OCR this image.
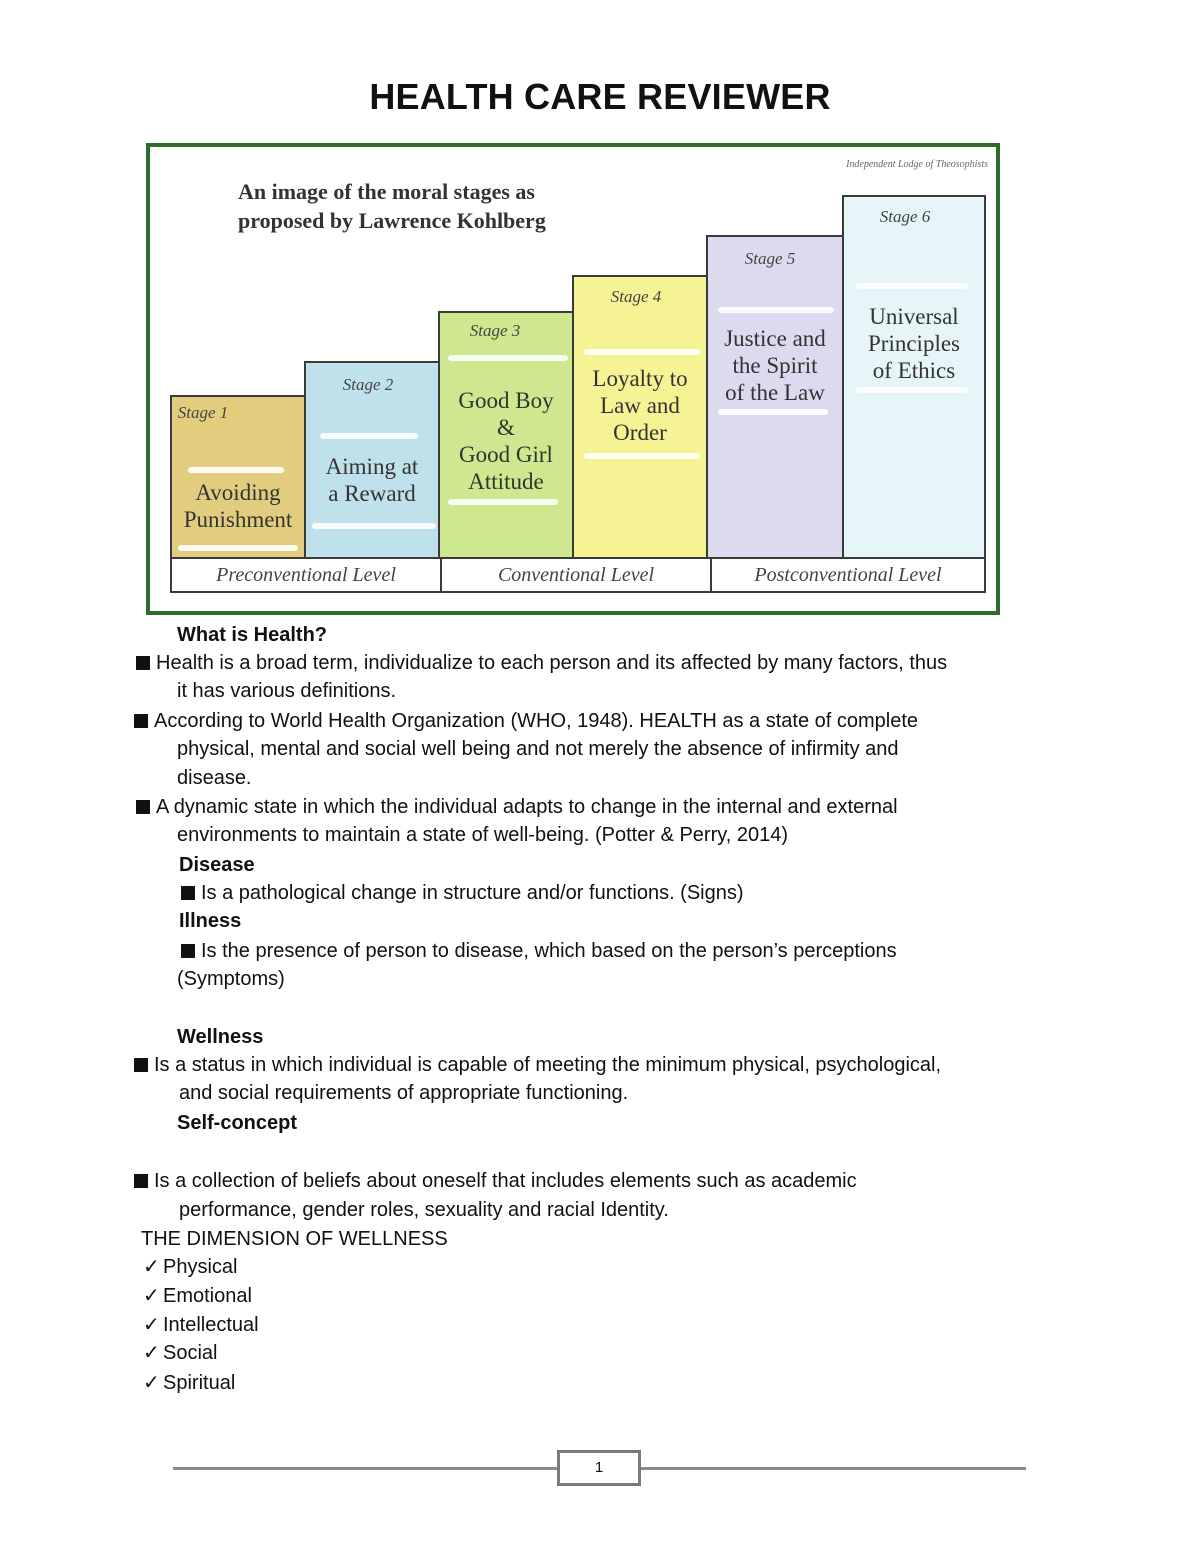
HEALTH CARE REVIEWER
Independent Lodge of Theosophists
An image of the moral stages as
proposed by Lawrence Kohlberg
Stage 1
Avoiding
Punishment
Stage 2
Aiming at
a Reward
Stage 3
Good Boy
&
Good Girl
Attitude
Stage 4
Loyalty to
Law and
Order
Stage 5
Justice and
the Spirit
of the Law
Stage 6
Universal
Principles
of Ethics
Preconventional Level	Conventional Level	Postconventional Level
What is Health?
Health is a broad term, individualize to each person and its affected by many factors, thus
it has various definitions.
According to World Health Organization (WHO, 1948). HEALTH as a state of complete
physical, mental and social well being and not merely the absence of infirmity and
disease.
A dynamic state in which the individual adapts to change in the internal and external
environments to maintain a state of well-being. (Potter & Perry, 2014)
Disease
Is a pathological change in structure and/or functions. (Signs)
Illness
Is the presence of person to disease, which based on the person’s perceptions
(Symptoms)
Wellness
Is a status in which individual is capable of meeting the minimum physical, psychological,
and social requirements of appropriate functioning.
Self-concept
Is a collection of beliefs about oneself that includes elements such as academic
performance, gender roles, sexuality and racial Identity.
THE DIMENSION OF WELLNESS
✓ Physical
✓ Emotional
✓ Intellectual
✓ Social
✓ Spiritual
1
